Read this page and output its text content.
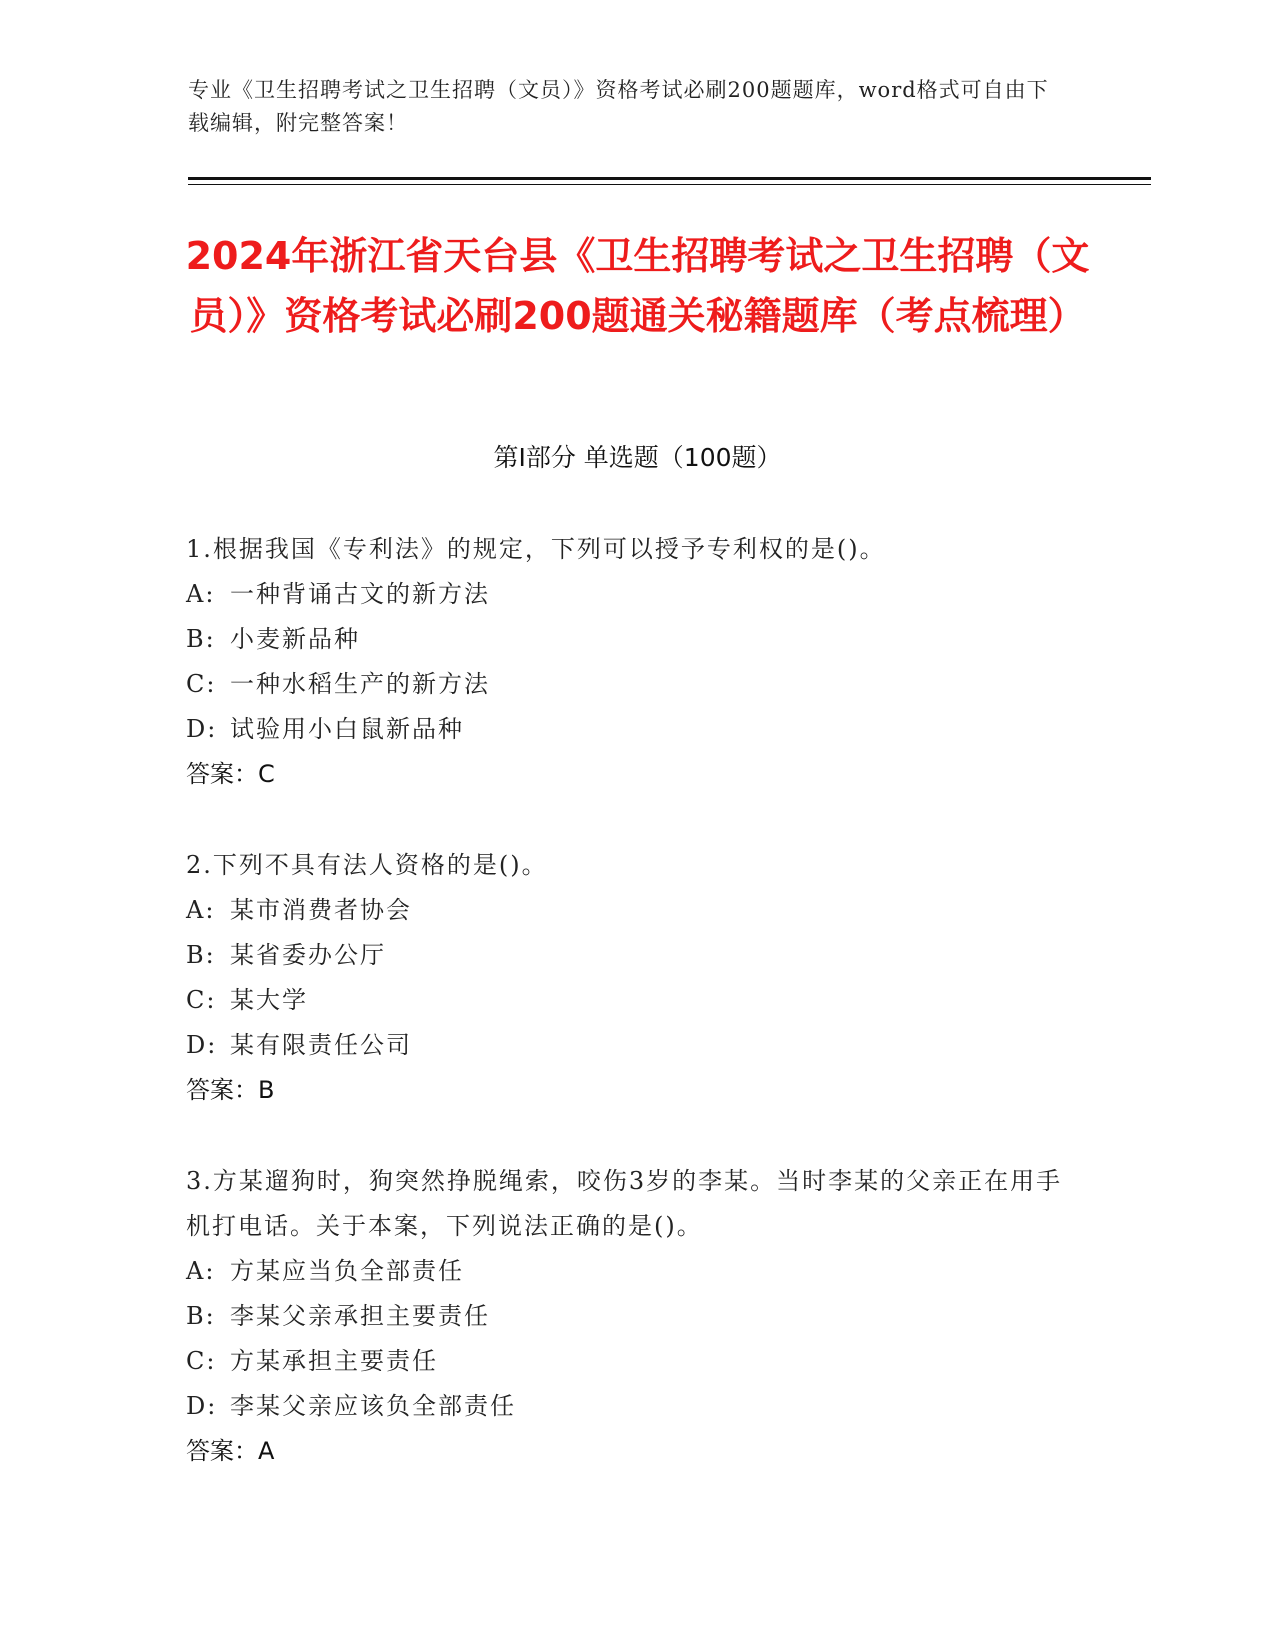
专业《卫生招聘考试之卫生招聘（文员）》资格考试必刷200题题库，word格式可自由下载编辑，附完整答案！
2024年浙江省天台县《卫生招聘考试之卫生招聘（文员）》资格考试必刷200题通关秘籍题库（考点梳理）
第Ⅰ部分 单选题（100题）
1.根据我国《专利法》的规定，下列可以授予专利权的是()。
A: 一种背诵古文的新方法
B: 小麦新品种
C: 一种水稻生产的新方法
D: 试验用小白鼠新品种
答案：C
2.下列不具有法人资格的是()。
A: 某市消费者协会
B: 某省委办公厅
C: 某大学
D: 某有限责任公司
答案：B
3.方某遛狗时，狗突然挣脱绳索，咬伤3岁的李某。当时李某的父亲正在用手机打电话。关于本案，下列说法正确的是()。
A: 方某应当负全部责任
B: 李某父亲承担主要责任
C: 方某承担主要责任
D: 李某父亲应该负全部责任
答案：A
